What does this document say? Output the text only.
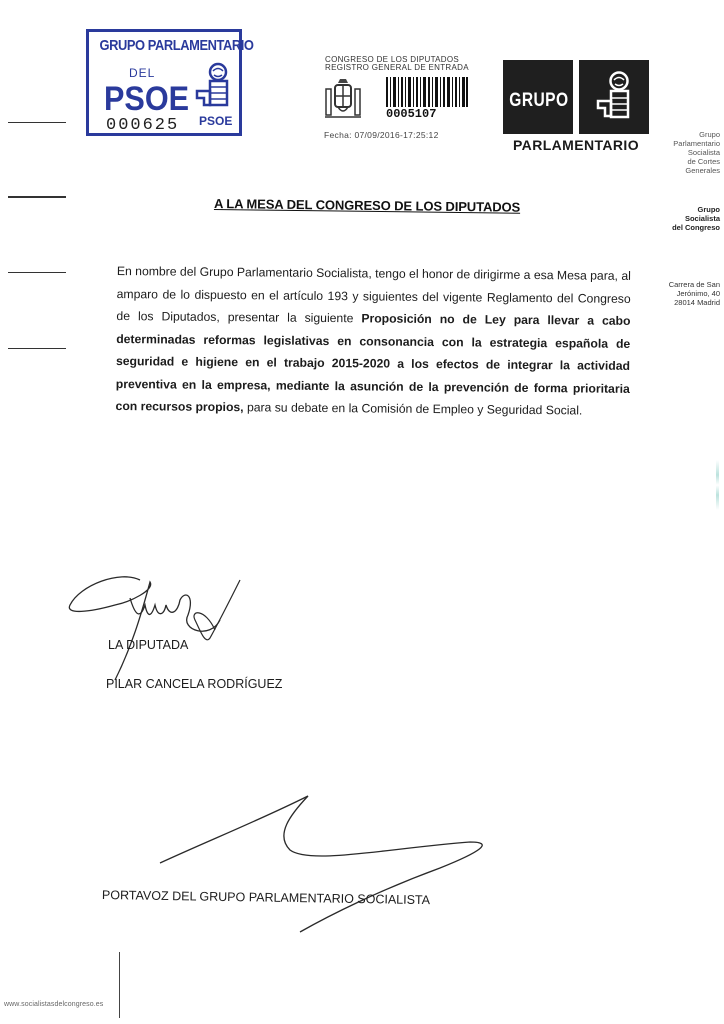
GRUPO PARLAMENTARIO
DEL
PSOE
000625 PSOE
CONGRESO DE LOS DIPUTADOS
REGISTRO GENERAL DE ENTRADA
0005107
Fecha: 07/09/2016-17:25:12
GRUPO
PARLAMENTARIO
Grupo
Parlamentario
Socialista
de Cortes
Generales
Grupo
Socialista
del Congreso
Carrera de San
Jerónimo, 40
28014 Madrid
A LA MESA DEL CONGRESO DE LOS DIPUTADOS
En nombre del Grupo Parlamentario Socialista, tengo el honor de dirigirme a esa Mesa para, al amparo de lo dispuesto en el artículo 193 y siguientes del vigente Reglamento del Congreso de los Diputados, presentar la siguiente Proposición no de Ley para llevar a cabo determinadas reformas legislativas en consonancia con la estrategia española de seguridad e higiene en el trabajo 2015-2020 a los efectos de integrar la actividad preventiva en la empresa, mediante la asunción de la prevención de forma prioritaria con recursos propios, para su debate en la Comisión de Empleo y Seguridad Social.
LA DIPUTADA
PILAR CANCELA RODRÍGUEZ
PORTAVOZ DEL GRUPO PARLAMENTARIO SOCIALISTA
www.socialistasdelcongreso.es
